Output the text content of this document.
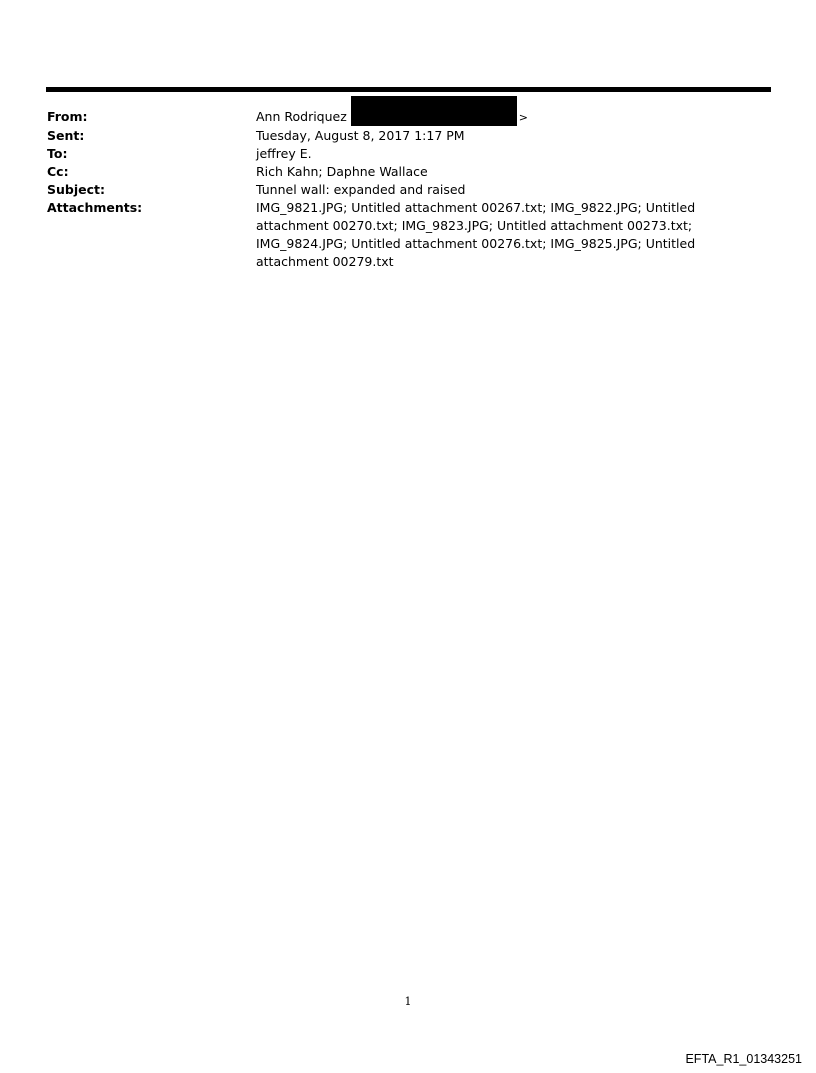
From:	Ann Rodriquez	>
Sent:	Tuesday, August 8, 2017 1:17 PM
To:	jeffrey E.
Cc:	Rich Kahn; Daphne Wallace
Subject:	Tunnel wall: expanded and raised
Attachments:	IMG_9821.JPG; Untitled attachment 00267.txt; IMG_9822.JPG; Untitled attachment 00270.txt; IMG_9823.JPG; Untitled attachment 00273.txt; IMG_9824.JPG; Untitled attachment 00276.txt; IMG_9825.JPG; Untitled attachment 00279.txt
1
EFTA_R1_01343251
